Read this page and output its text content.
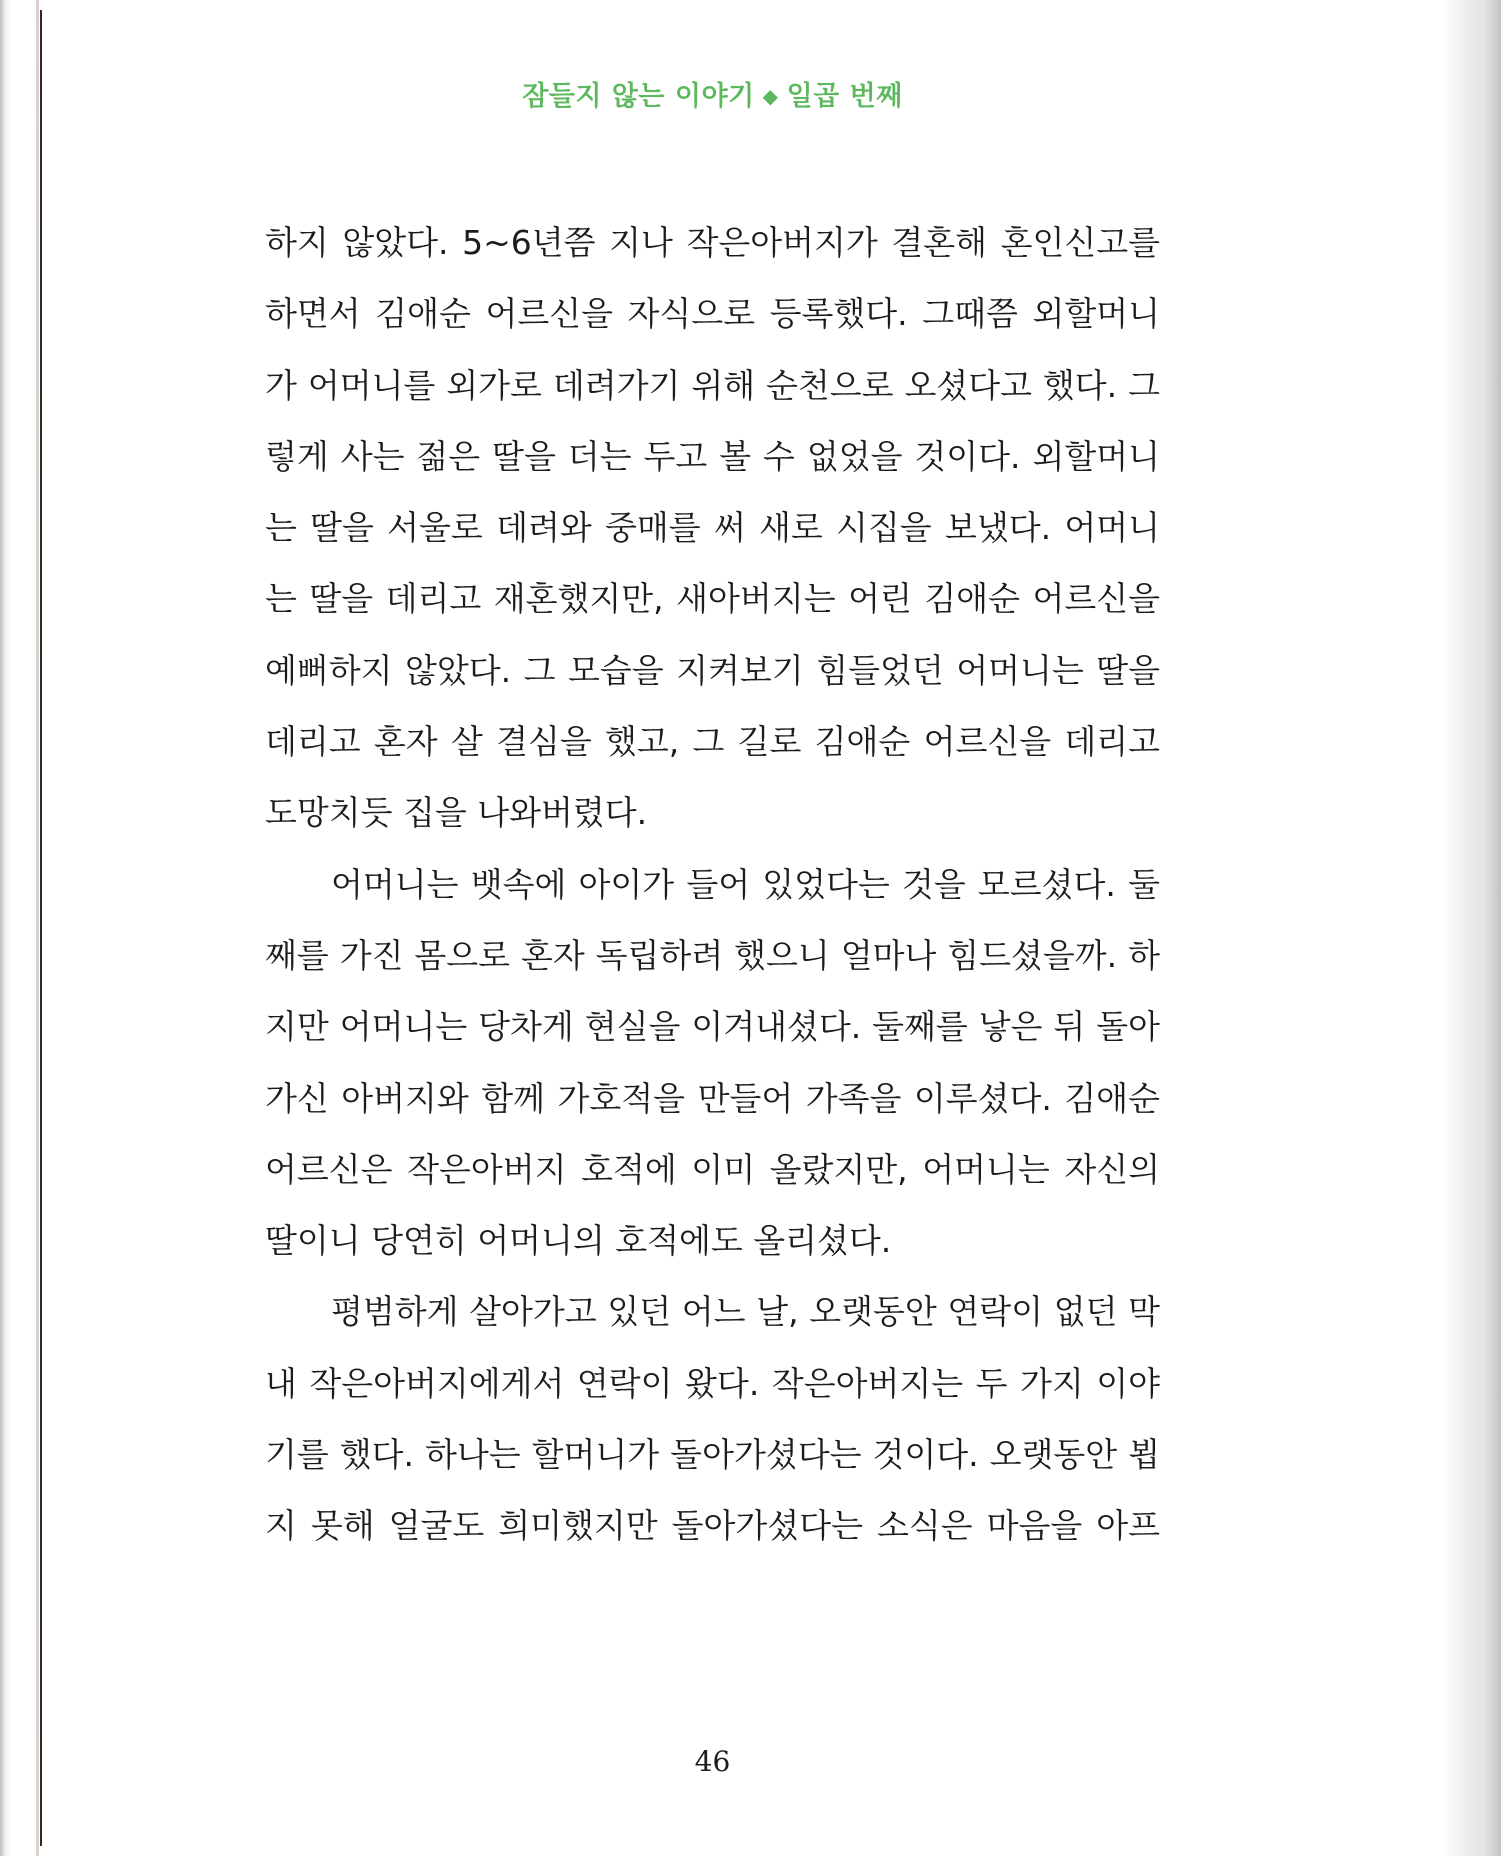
잠들지 않는 이야기 ◆ 일곱 번째
하지 않았다. 5~6년쯤 지나 작은아버지가 결혼해 혼인신고를
하면서 김애순 어르신을 자식으로 등록했다. 그때쯤 외할머니
가 어머니를 외가로 데려가기 위해 순천으로 오셨다고 했다. 그
렇게 사는 젊은 딸을 더는 두고 볼 수 없었을 것이다. 외할머니
는 딸을 서울로 데려와 중매를 써 새로 시집을 보냈다. 어머니
는 딸을 데리고 재혼했지만, 새아버지는 어린 김애순 어르신을
예뻐하지 않았다. 그 모습을 지켜보기 힘들었던 어머니는 딸을
데리고 혼자 살 결심을 했고, 그 길로 김애순 어르신을 데리고
도망치듯 집을 나와버렸다.
어머니는 뱃속에 아이가 들어 있었다는 것을 모르셨다. 둘
째를 가진 몸으로 혼자 독립하려 했으니 얼마나 힘드셨을까. 하
지만 어머니는 당차게 현실을 이겨내셨다. 둘째를 낳은 뒤 돌아
가신 아버지와 함께 가호적을 만들어 가족을 이루셨다. 김애순
어르신은 작은아버지 호적에 이미 올랐지만, 어머니는 자신의
딸이니 당연히 어머니의 호적에도 올리셨다.
평범하게 살아가고 있던 어느 날, 오랫동안 연락이 없던 막
내 작은아버지에게서 연락이 왔다. 작은아버지는 두 가지 이야
기를 했다. 하나는 할머니가 돌아가셨다는 것이다. 오랫동안 뵙
지 못해 얼굴도 희미했지만 돌아가셨다는 소식은 마음을 아프
46
